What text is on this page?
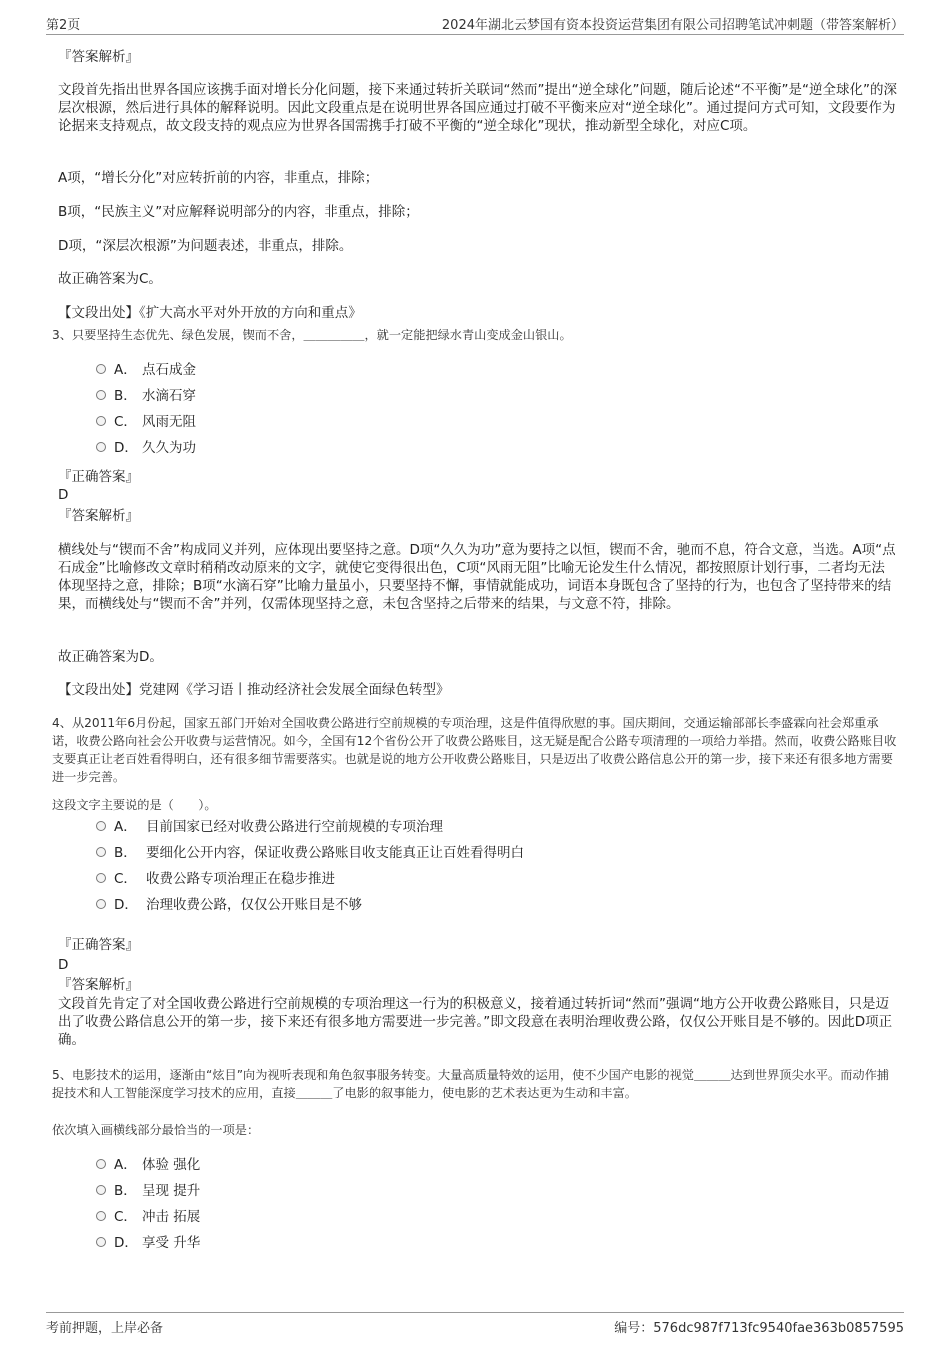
第2页	2024年湖北云梦国有资本投资运营集团有限公司招聘笔试冲刺题（带答案解析）
『答案解析』
文段首先指出世界各国应该携手面对增长分化问题，接下来通过转折关联词“然而”提出“逆全球化”问题，随后论述“不平衡”是“逆全球化”的深层次根源，然后进行具体的解释说明。因此文段重点是在说明世界各国应通过打破不平衡来应对“逆全球化”。通过提问方式可知，文段要作为论据来支持观点，故文段支持的观点应为世界各国需携手打破不平衡的“逆全球化”现状，推动新型全球化，对应C项。
A项，“增长分化”对应转折前的内容，非重点，排除；
B项，“民族主义”对应解释说明部分的内容，非重点，排除；
D项，“深层次根源”为问题表述，非重点，排除。
故正确答案为C。
【文段出处】《扩大高水平对外开放的方向和重点》
3、只要坚持生态优先、绿色发展，锲而不舍，＿＿＿＿＿，就一定能把绿水青山变成金山银山。
A． 点石成金
B． 水滴石穿
C． 风雨无阻
D． 久久为功
『正确答案』
D
『答案解析』
横线处与“锲而不舍”构成同义并列，应体现出要坚持之意。D项“久久为功”意为要持之以恒，锲而不舍，驰而不息，符合文意，当选。A项“点石成金”比喻修改文章时稍稍改动原来的文字，就使它变得很出色，C项“风雨无阻”比喻无论发生什么情况，都按照原计划行事，二者均无法体现坚持之意，排除；B项“水滴石穿”比喻力量虽小，只要坚持不懈，事情就能成功，词语本身既包含了坚持的行为，也包含了坚持带来的结果，而横线处与“锲而不舍”并列，仅需体现坚持之意，未包含坚持之后带来的结果，与文意不符，排除。
故正确答案为D。
【文段出处】党建网《学习语丨推动经济社会发展全面绿色转型》
4、从2011年6月份起，国家五部门开始对全国收费公路进行空前规模的专项治理，这是件值得欣慰的事。国庆期间，交通运输部部长李盛霖向社会郑重承诺，收费公路向社会公开收费与运营情况。如今，全国有12个省份公开了收费公路账目，这无疑是配合公路专项清理的一项给力举措。然而，收费公路账目收支要真正让老百姓看得明白，还有很多细节需要落实。也就是说的地方公开收费公路账目，只是迈出了收费公路信息公开的第一步，接下来还有很多地方需要进一步完善。
这段文字主要说的是（　　）。
A． 目前国家已经对收费公路进行空前规模的专项治理
B． 要细化公开内容，保证收费公路账目收支能真正让百姓看得明白
C． 收费公路专项治理正在稳步推进
D． 治理收费公路，仅仅公开账目是不够
『正确答案』
D
『答案解析』
文段首先肯定了对全国收费公路进行空前规模的专项治理这一行为的积极意义，接着通过转折词“然而”强调“地方公开收费公路账目，只是迈出了收费公路信息公开的第一步，接下来还有很多地方需要进一步完善。”即文段意在表明治理收费公路，仅仅公开账目是不够的。因此D项正确。
5、电影技术的运用，逐渐由“炫目”向为视听表现和角色叙事服务转变。大量高质量特效的运用，使不少国产电影的视觉＿＿＿达到世界顶尖水平。而动作捕捉技术和人工智能深度学习技术的应用，直接＿＿＿了电影的叙事能力，使电影的艺术表达更为生动和丰富。
依次填入画横线部分最恰当的一项是：
A． 体验 强化
B． 呈现 提升
C． 冲击 拓展
D． 享受 升华
考前押题，上岸必备	编号：576dc987f713fc9540fae363b0857595
